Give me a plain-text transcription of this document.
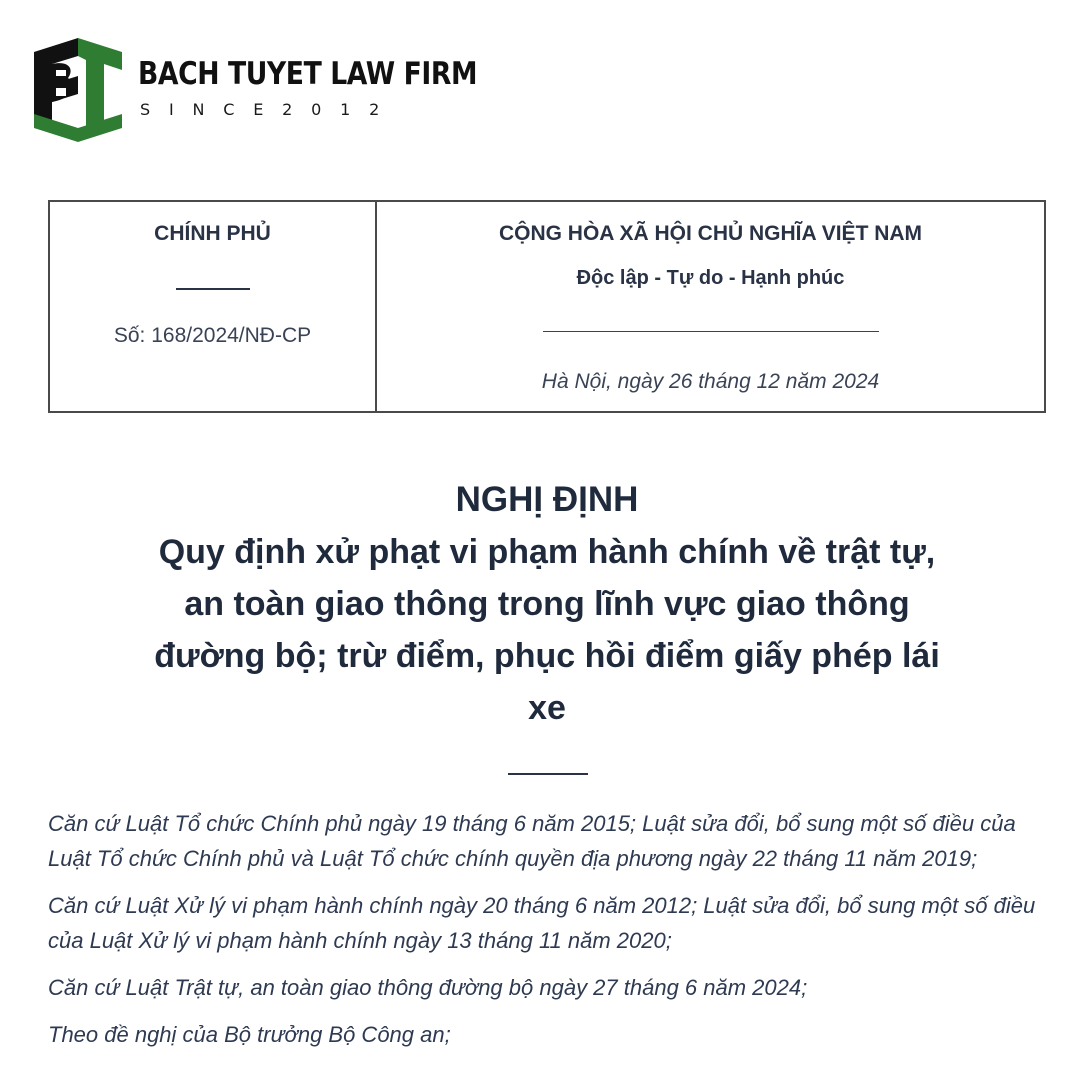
BACH TUYET LAW FIRM
SINCE2012
CHÍNH PHỦ
Số: 168/2024/NĐ-CP
CỘNG HÒA XÃ HỘI CHỦ NGHĨA VIỆT NAM
Độc lập - Tự do - Hạnh phúc
Hà Nội, ngày 26 tháng 12 năm 2024
NGHỊ ĐỊNH
Quy định xử phạt vi phạm hành chính về trật tự,
an toàn giao thông trong lĩnh vực giao thông
đường bộ; trừ điểm, phục hồi điểm giấy phép lái
xe

Căn cứ Luật Tổ chức Chính phủ ngày 19 tháng 6 năm 2015; Luật sửa đổi, bổ sung một số điều của Luật Tổ chức Chính phủ và Luật Tổ chức chính quyền địa phương ngày 22 tháng 11 năm 2019;

Căn cứ Luật Xử lý vi phạm hành chính ngày 20 tháng 6 năm 2012; Luật sửa đổi, bổ sung một số điều của Luật Xử lý vi phạm hành chính ngày 13 tháng 11 năm 2020;

Căn cứ Luật Trật tự, an toàn giao thông đường bộ ngày 27 tháng 6 năm 2024;

Theo đề nghị của Bộ trưởng Bộ Công an;
